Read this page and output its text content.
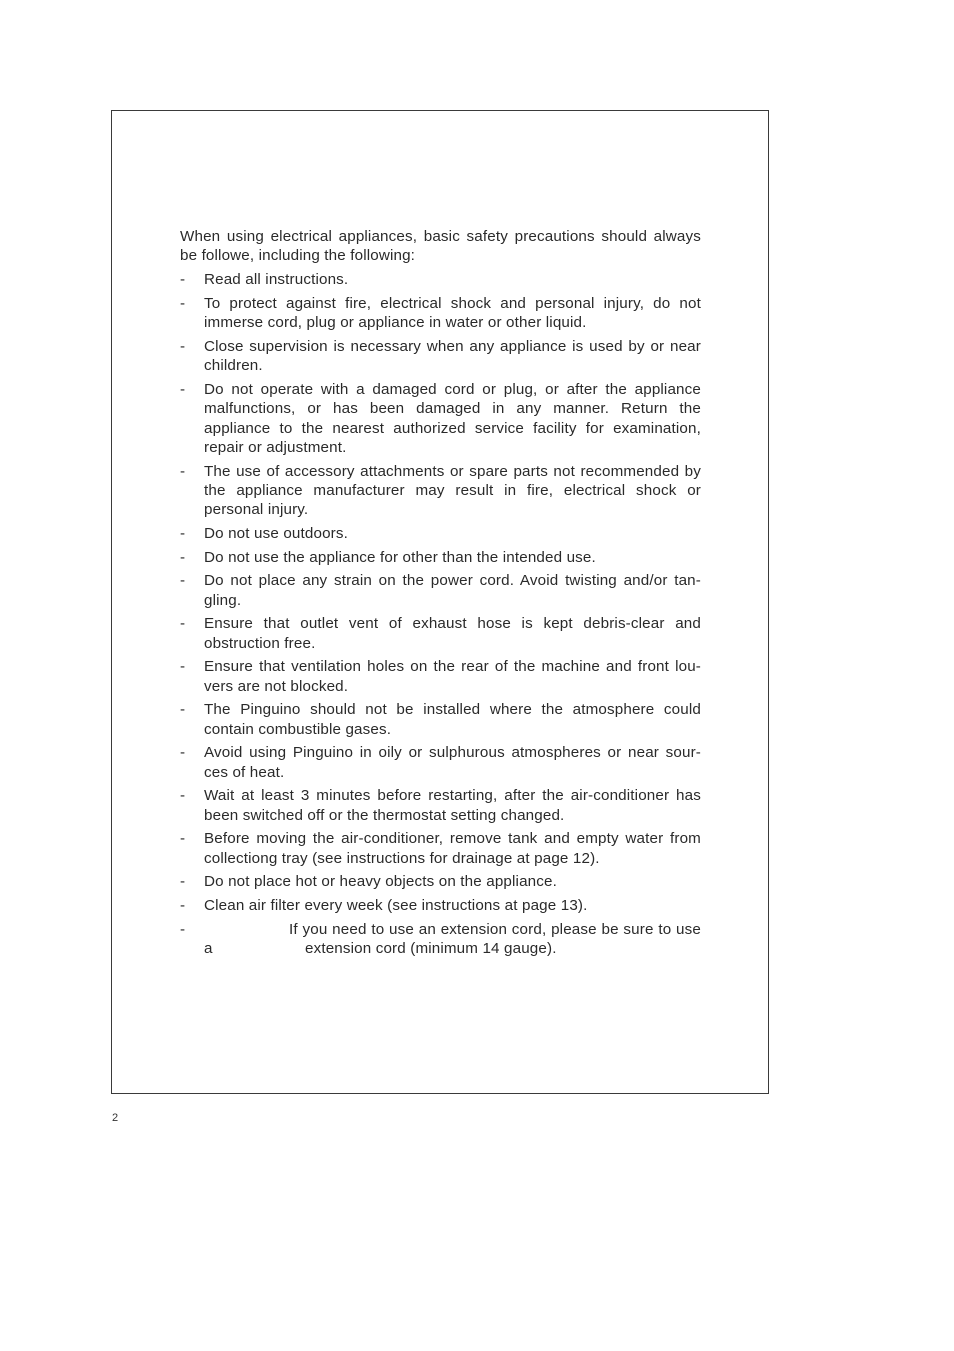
When using electrical appliances, basic safety precautions should always be followe, including the following:

-	Read all instructions.
-	To protect against fire, electrical shock and personal injury, do not immerse cord, plug or appliance in water or other liquid.
-	Close supervision is necessary when any appliance is used by or near children.
-	Do not operate with a damaged cord or plug, or after the appliance malfunctions, or has been damaged in any manner. Return the appliance to the nearest authorized service facility for examination, repair or adjustment.
-	The use of accessory attachments or spare parts not recommended by the appliance manufacturer may result in fire, electrical shock or personal injury.
-	Do not use outdoors.
-	Do not use the appliance for other than the intended use.
-	Do not place any strain on the power cord. Avoid twisting and/or tan-gling.
-	Ensure that outlet vent of exhaust hose is kept debris-clear and obstruction free.
-	Ensure that ventilation holes on the rear of the machine and front lou-vers are not blocked.
-	The Pinguino should not be installed where the atmosphere could contain combustible gases.
-	Avoid using Pinguino in oily or sulphurous atmospheres or near sour-ces of heat.
-	Wait at least 3 minutes before restarting, after the air-conditioner has been switched off or the thermostat setting changed.
-	Before moving the air-conditioner, remove tank and empty water from collectiong tray (see instructions for drainage at page 12).
-	Do not place hot or heavy objects on the appliance.
-	Clean air filter every week (see instructions at page 13).
-	If you need to use an extension cord, please be sure to use a	extension cord (minimum 14 gauge).
2
